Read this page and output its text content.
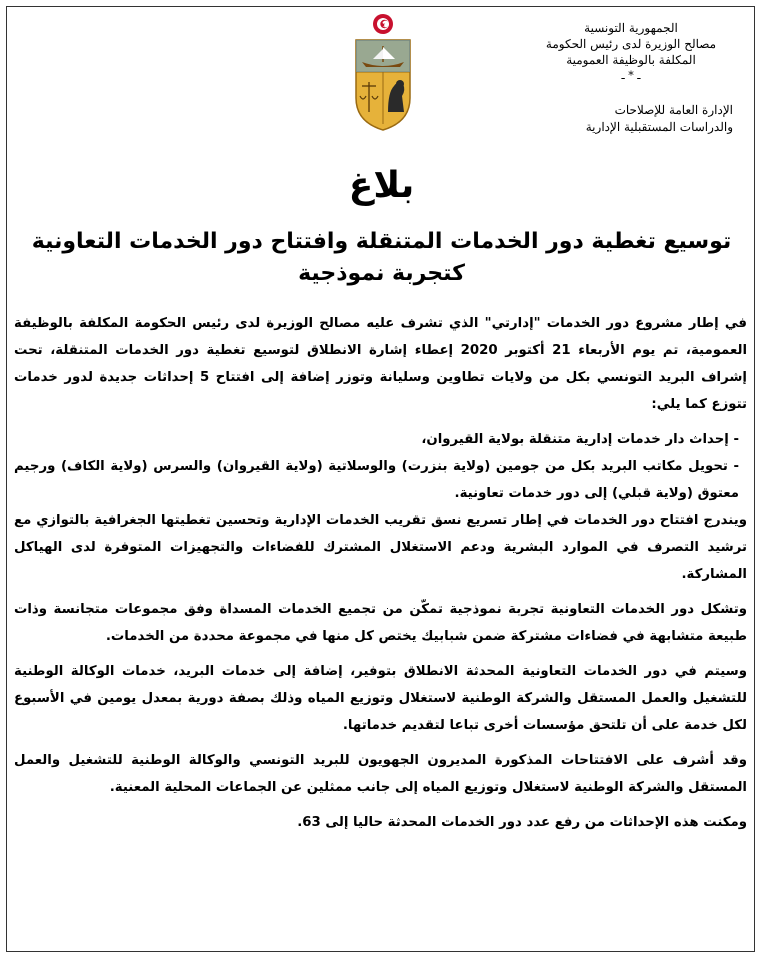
الجمهورية التونسية
مصالح الوزيرة لدى رئيس الحكومة
المكلفة بالوظيفة العمومية
ـ * ـ
الإدارة العامة للإصلاحات
والدراسات المستقبلية الإدارية
بلاغ
توسيع تغطية دور الخدمات المتنقلة وافتتاح دور الخدمات التعاونية كتجربة نموذجية

في إطار مشروع دور الخدمات "إدارتي" الذي تشرف عليه مصالح الوزيرة لدى رئيس الحكومة المكلفة بالوظيفة العمومية، تم يوم الأربعاء 21 أكتوبر 2020 إعطاء إشارة الانطلاق لتوسيع تغطية دور الخدمات المتنقلة، تحت إشراف البريد التونسي بكل من ولايات تطاوين وسليانة وتوزر إضافة إلى افتتاح 5 إحداثات جديدة لدور خدمات تتوزع كما يلي:

- إحداث دار خدمات إدارية متنقلة بولاية القيروان،
- تحويل مكاتب البريد بكل من جومين (ولاية بنزرت) والوسلاتية (ولاية القيروان) والسرس (ولاية الكاف) ورجيم معتوق (ولاية قبلي) إلى دور خدمات تعاونية.

ويندرج افتتاح دور الخدمات في إطار تسريع نسق تقريب الخدمات الإدارية وتحسين تغطيتها الجغرافية بالتوازي مع ترشيد التصرف في الموارد البشرية ودعم الاستغلال المشترك للفضاءات والتجهيزات المتوفرة لدى الهياكل المشاركة.

وتشكل دور الخدمات التعاونية تجربة نموذجية تمكّن من تجميع الخدمات المسداة وفق مجموعات متجانسة وذات طبيعة متشابهة في فضاءات مشتركة ضمن شبابيك يختص كل منها في مجموعة محددة من الخدمات.

وسيتم في دور الخدمات التعاونية المحدثة الانطلاق بتوفير، إضافة إلى خدمات البريد، خدمات الوكالة الوطنية للتشغيل والعمل المستقل والشركة الوطنية لاستغلال وتوزيع المياه وذلك بصفة دورية بمعدل يومين في الأسبوع لكل خدمة على أن تلتحق مؤسسات أخرى تباعا لتقديم خدماتها.

وقد أشرف على الافتتاحات المذكورة المديرون الجهويون للبريد التونسي والوكالة الوطنية للتشغيل والعمل المستقل والشركة الوطنية لاستغلال وتوزيع المياه إلى جانب ممثلين عن الجماعات المحلية المعنية.

ومكنت هذه الإحداثات من رفع عدد دور الخدمات المحدثة حاليا إلى 63.
